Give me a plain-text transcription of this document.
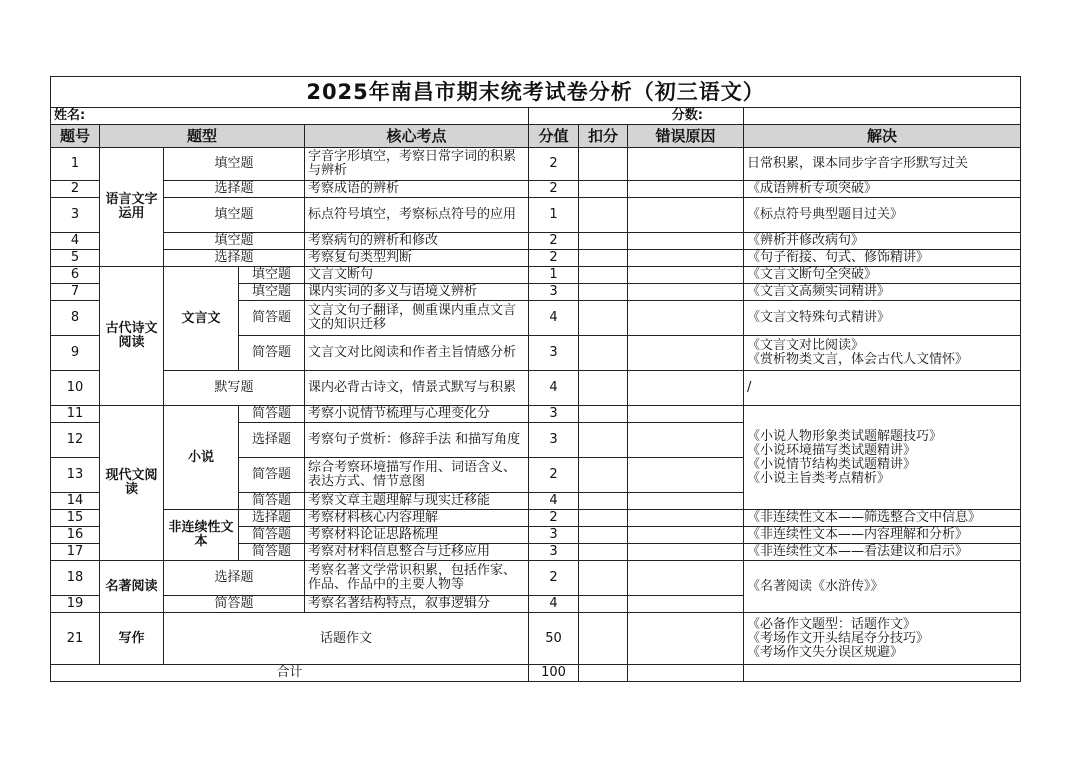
2025年南昌市期末统考试卷分析（初三语文）								
姓名:					分数:			
题号	题型			核心考点	分值	扣分	错误原因	解决
1	语言文字运用	填空题		字音字形填空，考察日常字词的积累与辨析	2			日常积累，课本同步字音字形默写过关

2		选择题		考察成语的辨析	2			《成语辨析专项突破》

3		填空题		标点符号填空，考察标点符号的应用	1			《标点符号典型题目过关》

4		填空题		考察病句的辨析和修改	2			《辨析并修改病句》

5		选择题		考察复句类型判断	2			《句子衔接、句式、修饰精讲》

6	古代诗文阅读	文言文	填空题	文言文断句	1			《文言文断句全突破》

7			填空题	课内实词的多义与语境义辨析	3			《文言文高频实词精讲》

8			简答题	文言文句子翻译，侧重课内重点文言文的知识迁移	4			《文言文特殊句式精讲》

9			简答题	文言文对比阅读和作者主旨情感分析	3			《文言文对比阅读》
《赏析物类文言，体会古代人文情怀》

10		默写题		课内必背古诗文，情景式默写与积累	4			/

11	现代文阅读	小说	简答题	考察小说情节梳理与心理变化分	3			《小说人物形象类试题解题技巧》
《小说环境描写类试题精讲》
《小说情节结构类试题精讲》
《小说主旨类考点精析》

12			选择题	考察句子赏析：修辞手法 和描写角度	3			
13			简答题	综合考察环境描写作用、词语含义、表达方式、情节意图	2			
14			简答题	考察文章主题理解与现实迁移能	4			
15		非连续性文本	选择题	考察材料核心内容理解	2			《非连续性文本——筛选整合文中信息》

16			简答题	考察材料论证思路梳理	3			《非连续性文本——内容理解和分析》

17			简答题	考察对材料信息整合与迁移应用	3			《非连续性文本——看法建议和启示》

18	名著阅读	选择题		考察名著文学常识积累，包括作家、作品、作品中的主要人物等	2			《名著阅读《水浒传》》

19		简答题		考察名著结构特点，叙事逻辑分	4			
21	写作	话题作文			50			《必备作文题型：话题作文》
《考场作文开头结尾夺分技巧》
《考场作文失分误区规避》

合计					100			
